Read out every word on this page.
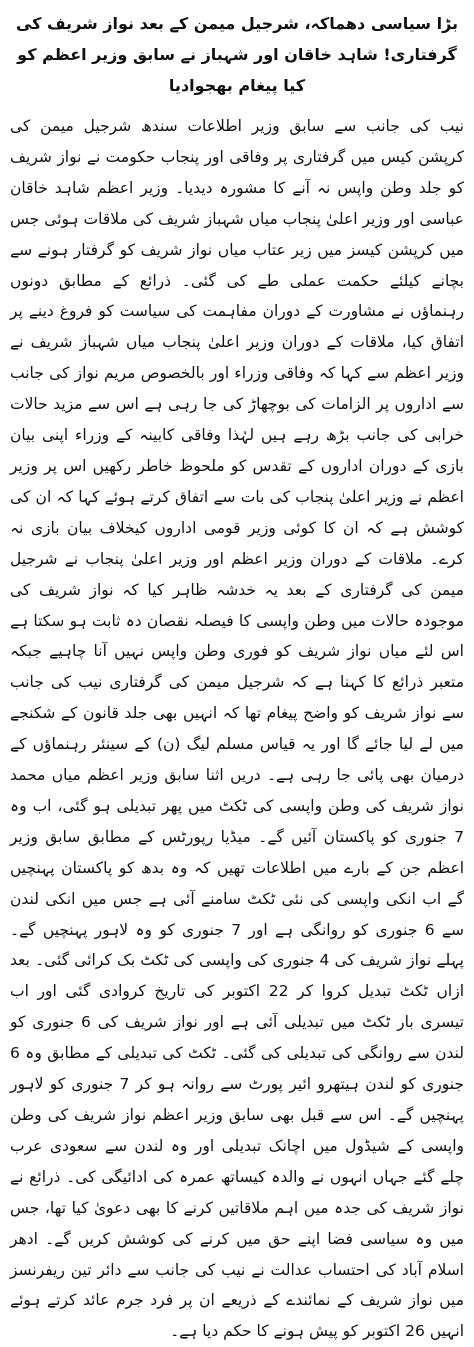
بڑا سیاسی دھماکہ، شرجیل میمن کے بعد نواز شریف کی گرفتاری! شاہد خاقان اور شہباز نے سابق وزیر اعظم کو کیا پیغام بھجوادیا

نیب کی جانب سے سابق وزیر اطلاعات سندھ شرجیل میمن کی کرپشن کیس میں گرفتاری پر وفاقی اور پنجاب حکومت نے نواز شریف کو جلد وطن واپس نہ آنے کا مشورہ دیدیا۔ وزیر اعظم شاہد خاقان عباسی اور وزیر اعلیٰ پنجاب میاں شہباز شریف کی ملاقات ہوئی جس میں کرپشن کیسز میں زیر عتاب میاں نواز شریف کو گرفتار ہونے سے بچانے کیلئے حکمت عملی طے کی گئی۔ ذرائع کے مطابق دونوں رہنماؤں نے مشاورت کے دوران مفاہمت کی سیاست کو فروغ دینے پر اتفاق کیا، ملاقات کے دوران وزیر اعلیٰ پنجاب میاں شہباز شریف نے وزیر اعظم سے کہا کہ وفاقی وزراء اور بالخصوص مریم نواز کی جانب سے اداروں پر الزامات کی بوچھاڑ کی جا رہی ہے اس سے مزید حالات خرابی کی جانب بڑھ رہے ہیں لہٰذا وفاقی کابینہ کے وزراء اپنی بیان بازی کے دوران اداروں کے تقدس کو ملحوظ خاطر رکھیں اس پر وزیر اعظم نے وزیر اعلیٰ پنجاب کی بات سے اتفاق کرتے ہوئے کہا کہ ان کی کوشش ہے کہ ان کا کوئی وزیر قومی اداروں کیخلاف بیان بازی نہ کرے۔ ملاقات کے دوران وزیر اعظم اور وزیر اعلیٰ پنجاب نے شرجیل میمن کی گرفتاری کے بعد یہ خدشہ ظاہر کیا کہ نواز شریف کی موجودہ حالات میں وطن واپسی کا فیصلہ نقصان دہ ثابت ہو سکتا ہے اس لئے میاں نواز شریف کو فوری وطن واپس نہیں آنا چاہیے جبکہ متعبر ذرائع کا کہنا ہے کہ شرجیل میمن کی گرفتاری نیب کی جانب سے نواز شریف کو واضح پیغام تھا کہ انہیں بھی جلد قانون کے شکنجے میں لے لیا جائے گا اور یہ قیاس مسلم لیگ (ن) کے سینئر رہنماؤں کے درمیان بھی پائی جا رہی ہے۔ دریں اثنا سابق وزیر اعظم میاں محمد نواز شریف کی وطن واپسی کی ٹکٹ میں پھر تبدیلی ہو گئی، اب وہ 7 جنوری کو پاکستان آئیں گے۔ میڈیا رپورٹس کے مطابق سابق وزیر اعظم جن کے بارے میں اطلاعات تھیں کہ وہ بدھ کو پاکستان پہنچیں گے اب انکی واپسی کی نئی ٹکٹ سامنے آئی ہے جس میں انکی لندن سے 6 جنوری کو روانگی ہے اور 7 جنوری کو وہ لاہور پہنچیں گے۔ پہلے نواز شریف کی 4 جنوری کی واپسی کی ٹکٹ بک کرائی گئی۔ بعد ازاں ٹکٹ تبدیل کروا کر 22 اکتوبر کی تاریخ کروادی گئی اور اب تیسری بار ٹکٹ میں تبدیلی آئی ہے اور نواز شریف کی 6 جنوری کو لندن سے روانگی کی تبدیلی کی گئی۔ ٹکٹ کی تبدیلی کے مطابق وہ 6 جنوری کو لندن ہیتھرو ائیر پورٹ سے روانہ ہو کر 7 جنوری کو لاہور پہنچیں گے۔ اس سے قبل بھی سابق وزیر اعظم نواز شریف کی وطن واپسی کے شیڈول میں اچانک تبدیلی اور وہ لندن سے سعودی عرب چلے گئے جہاں انہوں نے والدہ کیساتھ عمرہ کی ادائیگی کی۔ ذرائع نے نواز شریف کی جدہ میں اہم ملاقاتیں کرنے کا بھی دعویٰ کیا تھا، جس میں وہ سیاسی فضا اپنے حق میں کرنے کی کوشش کریں گے۔ ادھر اسلام آباد کی احتساب عدالت نے نیب کی جانب سے دائر تین ریفرنسز میں نواز شریف کے نمائندے کے ذریعے ان پر فرد جرم عائد کرتے ہوئے انہیں 26 اکتوبر کو پیش ہونے کا حکم دیا ہے۔
